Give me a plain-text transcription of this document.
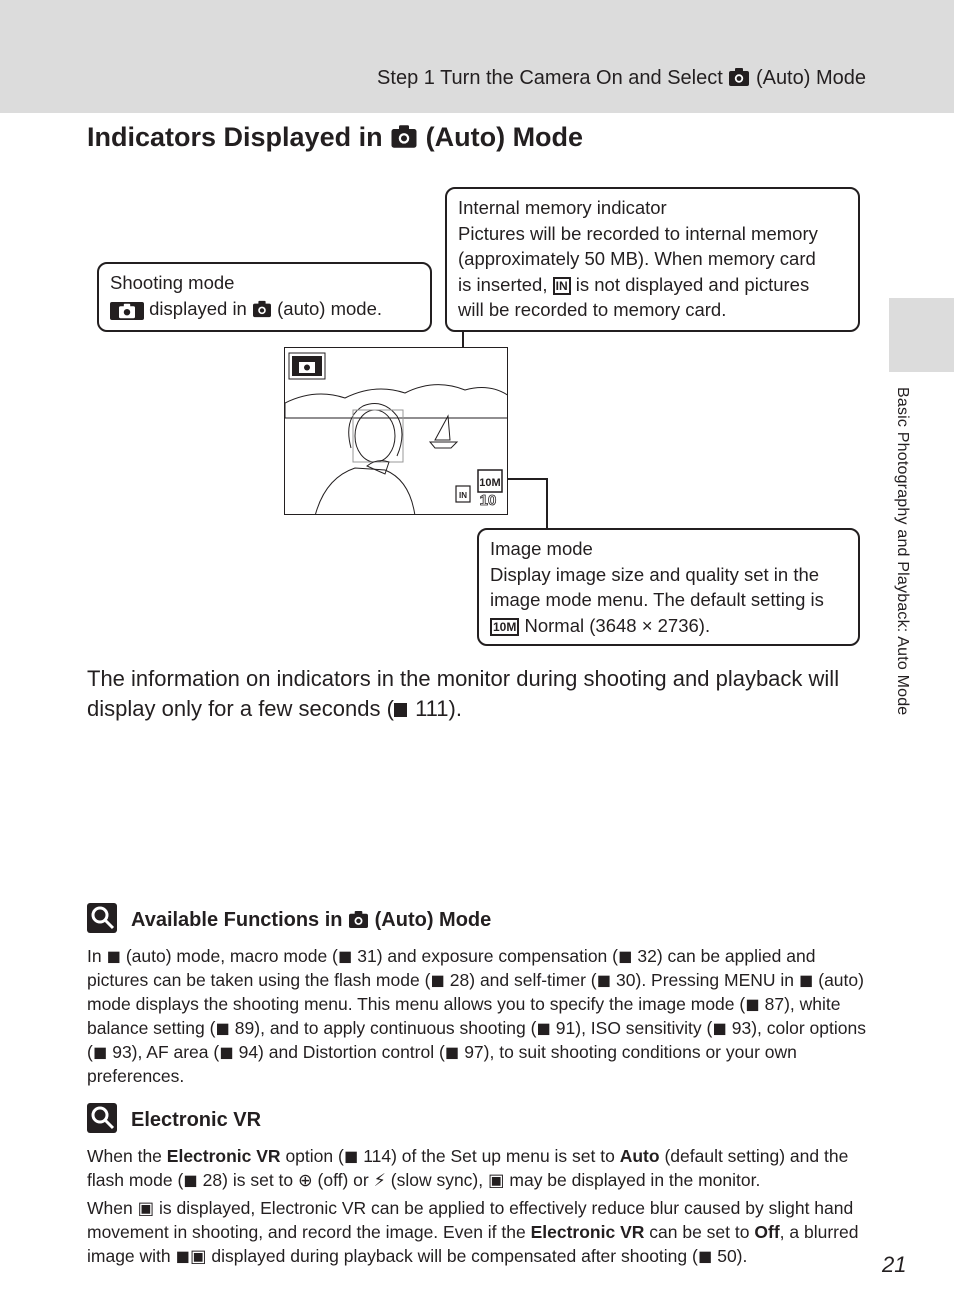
Step 1 Turn the Camera On and Select (Auto) Mode
Basic Photography and Playback: Auto Mode
Indicators Displayed in (Auto) Mode
Internal memory indicator
Pictures will be recorded to internal memory
(approximately 50 MB). When memory card
is inserted, IN is not displayed and pictures
will be recorded to memory card.
Shooting mode
displayed in (auto) mode.
10M
IN 10
Image mode
Display image size and quality set in the
image mode menu. The default setting is
10M Normal (3648 × 2736).
The information on indicators in the monitor during shooting and playback will display only for a few seconds ( 111).
Available Functions in (Auto) Mode

In ◼ (auto) mode, macro mode (◼ 31) and exposure compensation (◼ 32) can be applied and pictures can be taken using the flash mode (◼ 28) and self-timer (◼ 30). Pressing MENU in ◼ (auto) mode displays the shooting menu. This menu allows you to specify the image mode (◼ 87), white balance setting (◼ 89), and to apply continuous shooting (◼ 91), ISO sensitivity (◼ 93), color options (◼ 93), AF area (◼ 94) and Distortion control (◼ 97), to suit shooting conditions or your own preferences.

Electronic VR

When the Electronic VR option (◼ 114) of the Set up menu is set to Auto (default setting) and the flash mode (◼ 28) is set to ⊕ (off) or ⚡ (slow sync), ▣ may be displayed in the monitor.

When ▣ is displayed, Electronic VR can be applied to effectively reduce blur caused by slight hand movement in shooting, and record the image. Even if the Electronic VR can be set to Off, a blurred image with ◼▣ displayed during playback will be compensated after shooting (◼ 50).	21
